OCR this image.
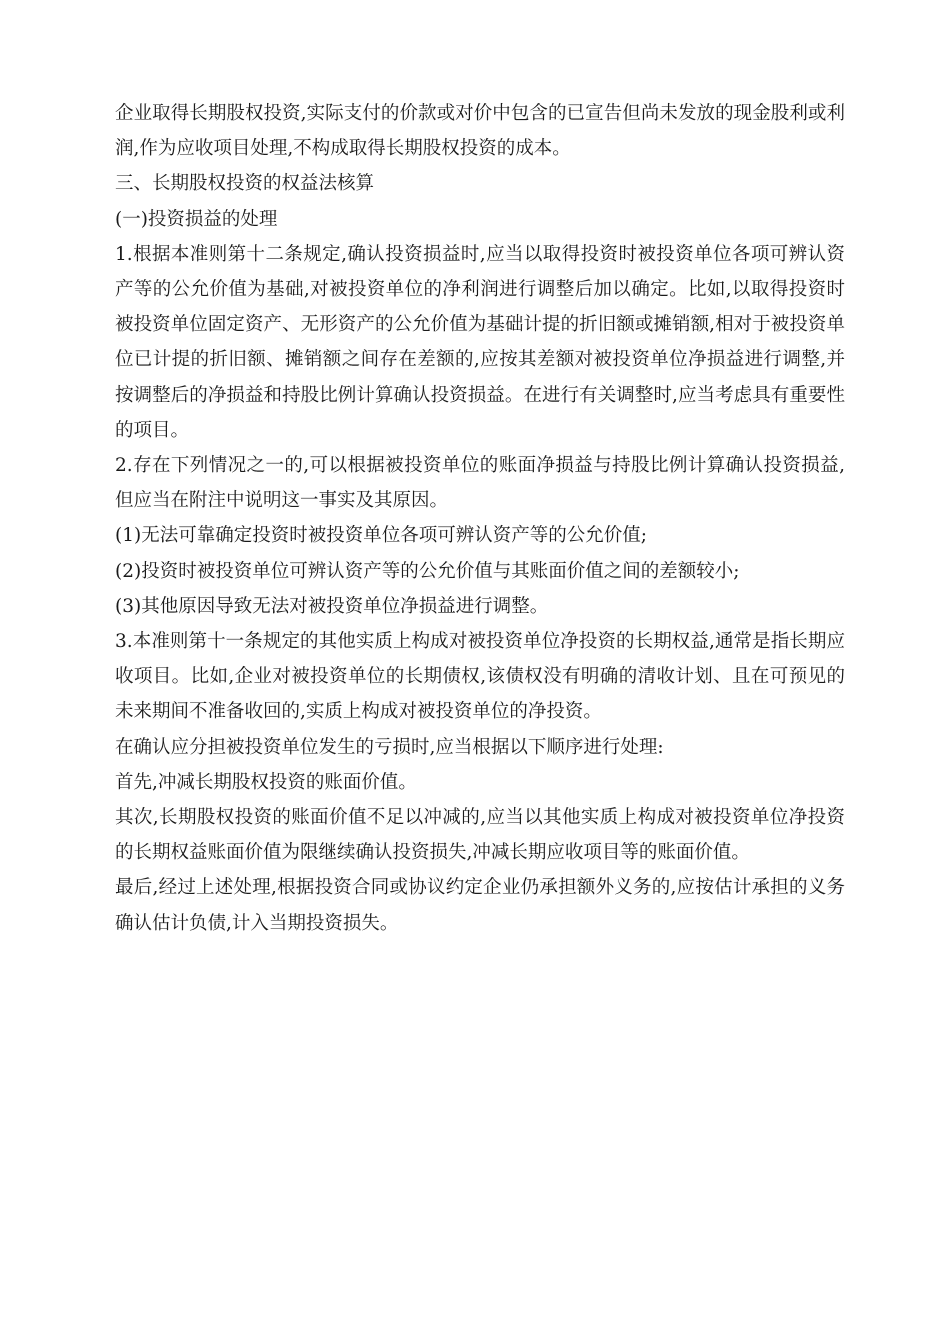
企业取得长期股权投资,实际支付的价款或对价中包含的已宣告但尚未发放的现金股利或利润,作为应收项目处理,不构成取得长期股权投资的成本。

三、长期股权投资的权益法核算

(一)投资损益的处理

1.根据本准则第十二条规定,确认投资损益时,应当以取得投资时被投资单位各项可辨认资产等的公允价值为基础,对被投资单位的净利润进行调整后加以确定。比如,以取得投资时被投资单位固定资产、无形资产的公允价值为基础计提的折旧额或摊销额,相对于被投资单位已计提的折旧额、摊销额之间存在差额的,应按其差额对被投资单位净损益进行调整,并按调整后的净损益和持股比例计算确认投资损益。在进行有关调整时,应当考虑具有重要性的项目。

2.存在下列情况之一的,可以根据被投资单位的账面净损益与持股比例计算确认投资损益,但应当在附注中说明这一事实及其原因。

(1)无法可靠确定投资时被投资单位各项可辨认资产等的公允价值;

(2)投资时被投资单位可辨认资产等的公允价值与其账面价值之间的差额较小;

(3)其他原因导致无法对被投资单位净损益进行调整。

3.本准则第十一条规定的其他实质上构成对被投资单位净投资的长期权益,通常是指长期应收项目。比如,企业对被投资单位的长期债权,该债权没有明确的清收计划、且在可预见的未来期间不准备收回的,实质上构成对被投资单位的净投资。

在确认应分担被投资单位发生的亏损时,应当根据以下顺序进行处理:

首先,冲减长期股权投资的账面价值。

其次,长期股权投资的账面价值不足以冲减的,应当以其他实质上构成对被投资单位净投资的长期权益账面价值为限继续确认投资损失,冲减长期应收项目等的账面价值。

最后,经过上述处理,根据投资合同或协议约定企业仍承担额外义务的,应按估计承担的义务确认估计负债,计入当期投资损失。
